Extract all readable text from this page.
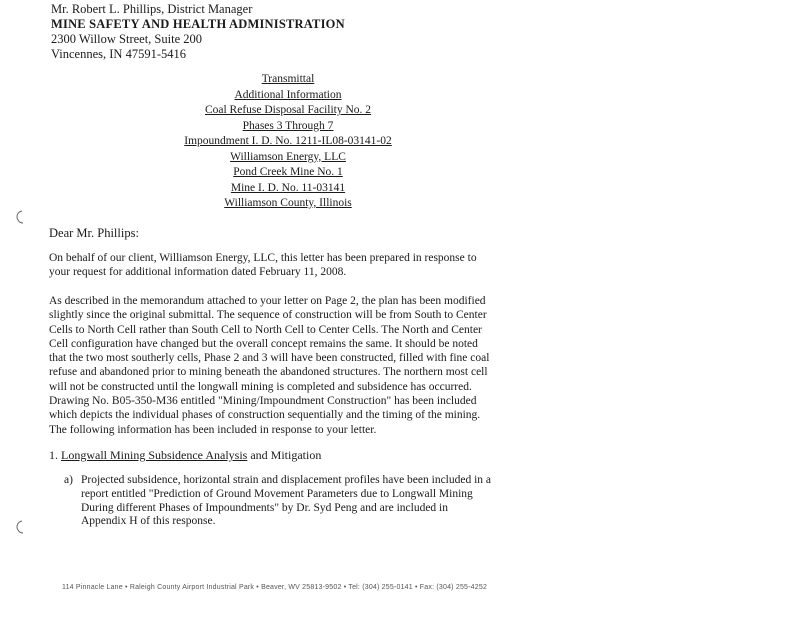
Mr. Robert L. Phillips, District Manager
MINE SAFETY AND HEALTH ADMINISTRATION
2300 Willow Street, Suite 200
Vincennes, IN 47591-5416
Transmittal
Additional Information
Coal Refuse Disposal Facility No. 2
Phases 3 Through 7
Impoundment I. D. No. 1211-IL08-03141-02
Williamson Energy, LLC
Pond Creek Mine No. 1
Mine I. D. No. 11-03141
Williamson County, Illinois
Dear Mr. Phillips:
On behalf of our client, Williamson Energy, LLC, this letter has been prepared in response to
your request for additional information dated February 11, 2008.
As described in the memorandum attached to your letter on Page 2, the plan has been modified
slightly since the original submittal. The sequence of construction will be from South to Center
Cells to North Cell rather than South Cell to North Cell to Center Cells. The North and Center
Cell configuration have changed but the overall concept remains the same. It should be noted
that the two most southerly cells, Phase 2 and 3 will have been constructed, filled with fine coal
refuse and abandoned prior to mining beneath the abandoned structures. The northern most cell
will not be constructed until the longwall mining is completed and subsidence has occurred.
Drawing No. B05-350-M36 entitled "Mining/Impoundment Construction" has been included
which depicts the individual phases of construction sequentially and the timing of the mining.
The following information has been included in response to your letter.
1. Longwall Mining Subsidence Analysis and Mitigation
a) Projected subsidence, horizontal strain and displacement profiles have been included in a
report entitled "Prediction of Ground Movement Parameters due to Longwall Mining
During different Phases of Impoundments" by Dr. Syd Peng and are included in
Appendix H of this response.
114 Pinnacle Lane • Raleigh County Airport Industrial Park • Beaver, WV 25813-9502 • Tel: (304) 255-0141 • Fax: (304) 255-4252
